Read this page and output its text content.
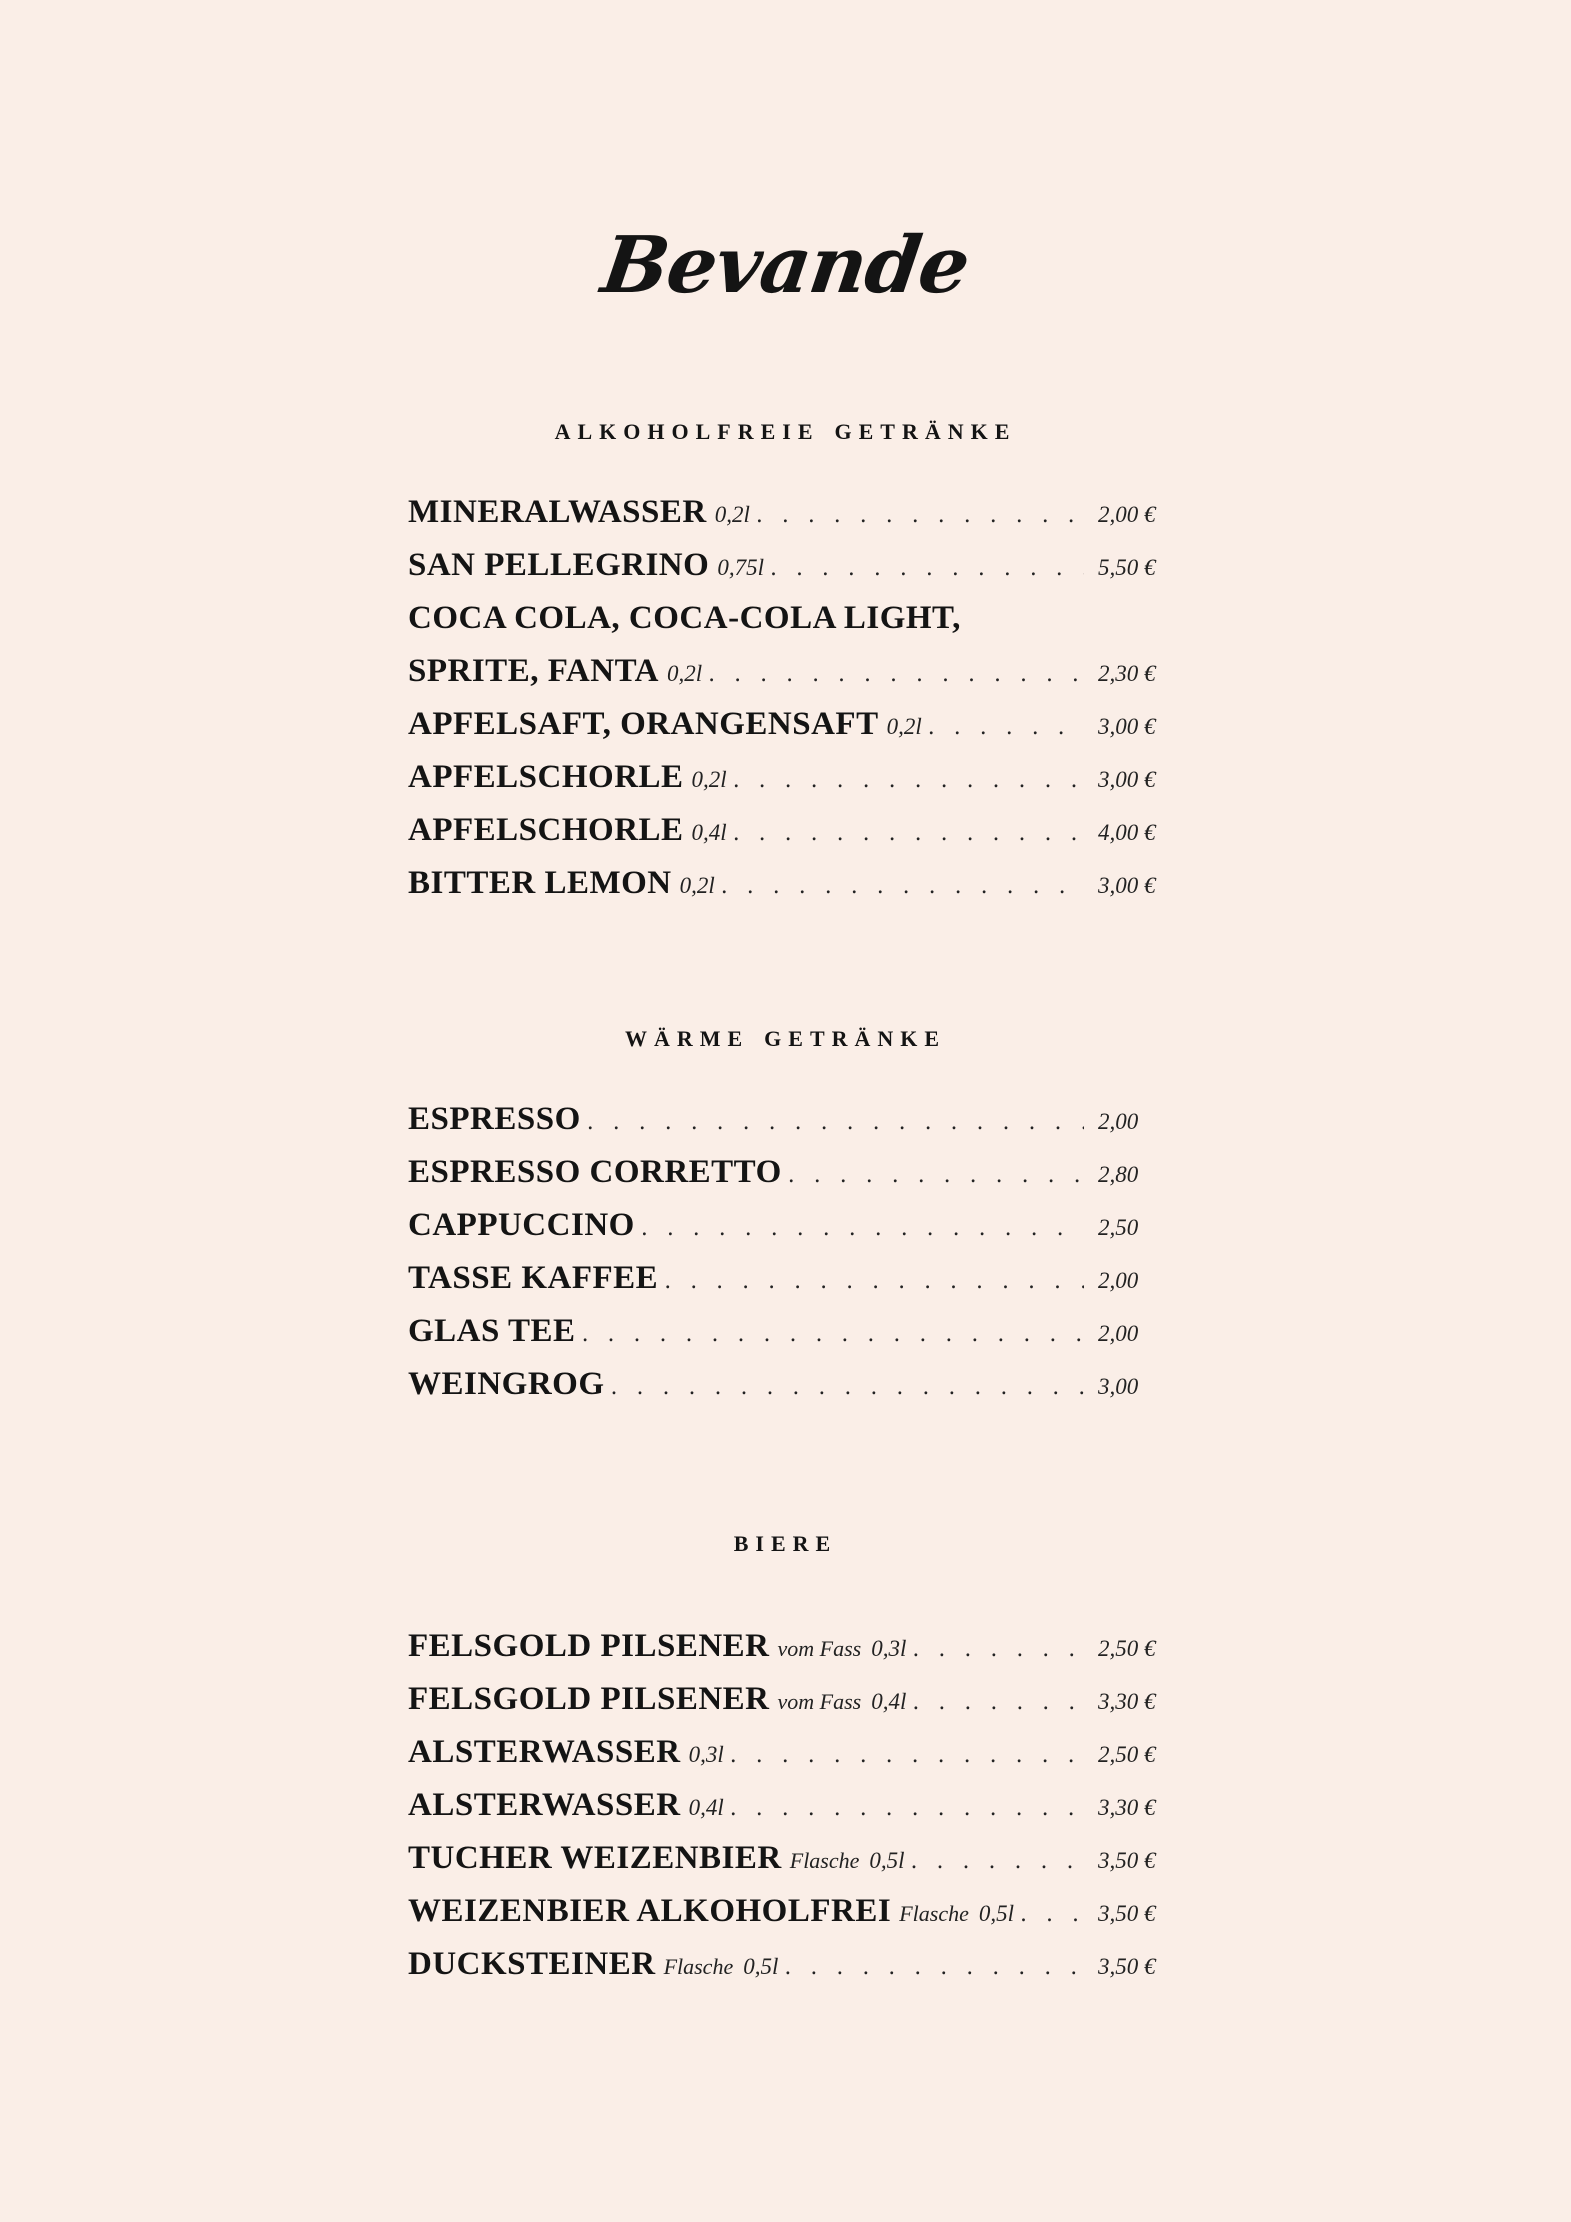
Bevande
alkoholfreie getränke
MINERALWASSER 0,2l . . .	2,00 €
SAN PELLEGRINO 0,75l . . .	5,50 €
COCA COLA, COCA-COLA LIGHT,
SPRITE, FANTA 0,2l . . .	2,30 €
APFELSAFT, ORANGENSAFT 0,2l . . .	3,00 €
APFELSCHORLE 0,2l . . .	3,00 €
APFELSCHORLE 0,4l . . .	4,00 €
BITTER LEMON 0,2l . . .	3,00 €
wärme getränke
ESPRESSO . . .	2,00
ESPRESSO CORRETTO . . .	2,80
CAPPUCCINO . . .	2,50
TASSE KAFFEE . . .	2,00
GLAS TEE . . .	2,00
WEINGROG . . .	3,00
biere
FELSGOLD PILSENER vom Fass 0,3l . . .	2,50 €
FELSGOLD PILSENER vom Fass 0,4l . . .	3,30 €
ALSTERWASSER 0,3l . . .	2,50 €
ALSTERWASSER 0,4l . . .	3,30 €
TUCHER WEIZENBIER Flasche 0,5l . . .	3,50 €
WEIZENBIER ALKOHOLFREI Flasche 0,5l . . .	3,50 €
DUCKSTEINER Flasche 0,5l . . .	3,50 €
